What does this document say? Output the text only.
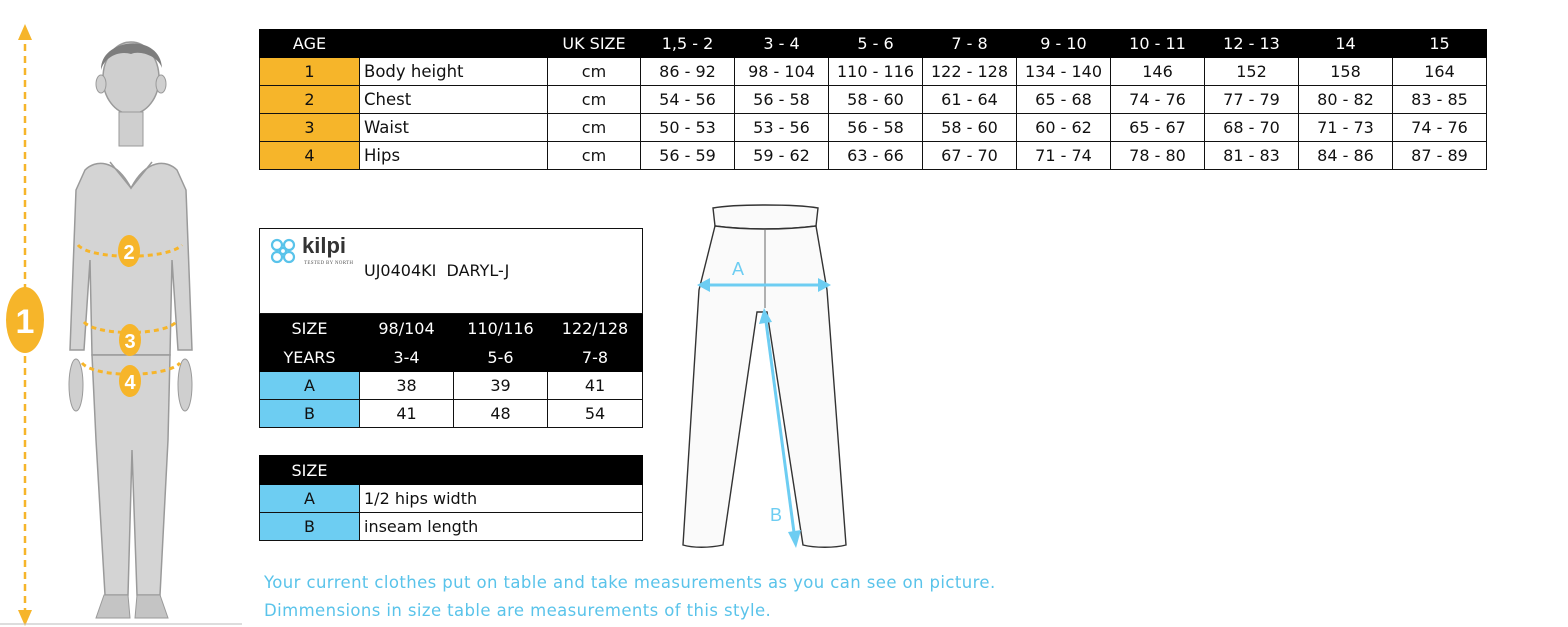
1
2
3
4
AGE		UK SIZE	1,5 - 2	3 - 4	5 - 6	7 - 8	9 - 10	10 - 11	12 - 13	14	15
1	Body height	cm	86 - 92	98 - 104	110 - 116	122 - 128	134 - 140	146	152	158	164
2	Chest	cm	54 - 56	56 - 58	58 - 60	61 - 64	65 - 68	74 - 76	77 - 79	80 - 82	83 - 85
3	Waist	cm	50 - 53	53 - 56	56 - 58	58 - 60	60 - 62	65 - 67	68 - 70	71 - 73	74 - 76
4	Hips	cm	56 - 59	59 - 62	63 - 66	67 - 70	71 - 74	78 - 80	81 - 83	84 - 86	87 - 89
kilpi
TESTED BY NORTH UJ0404KI  DARYL-J			

SIZE	98/104	110/116	122/128
YEARS	3-4	5-6	7-8
A	38	39	41
B	41	48	54
SIZE	
A	1/2 hips width
B	inseam length
A
B
Your current clothes put on table and take measurements as you can see on picture.
Dimmensions in size table are measurements of this style.
